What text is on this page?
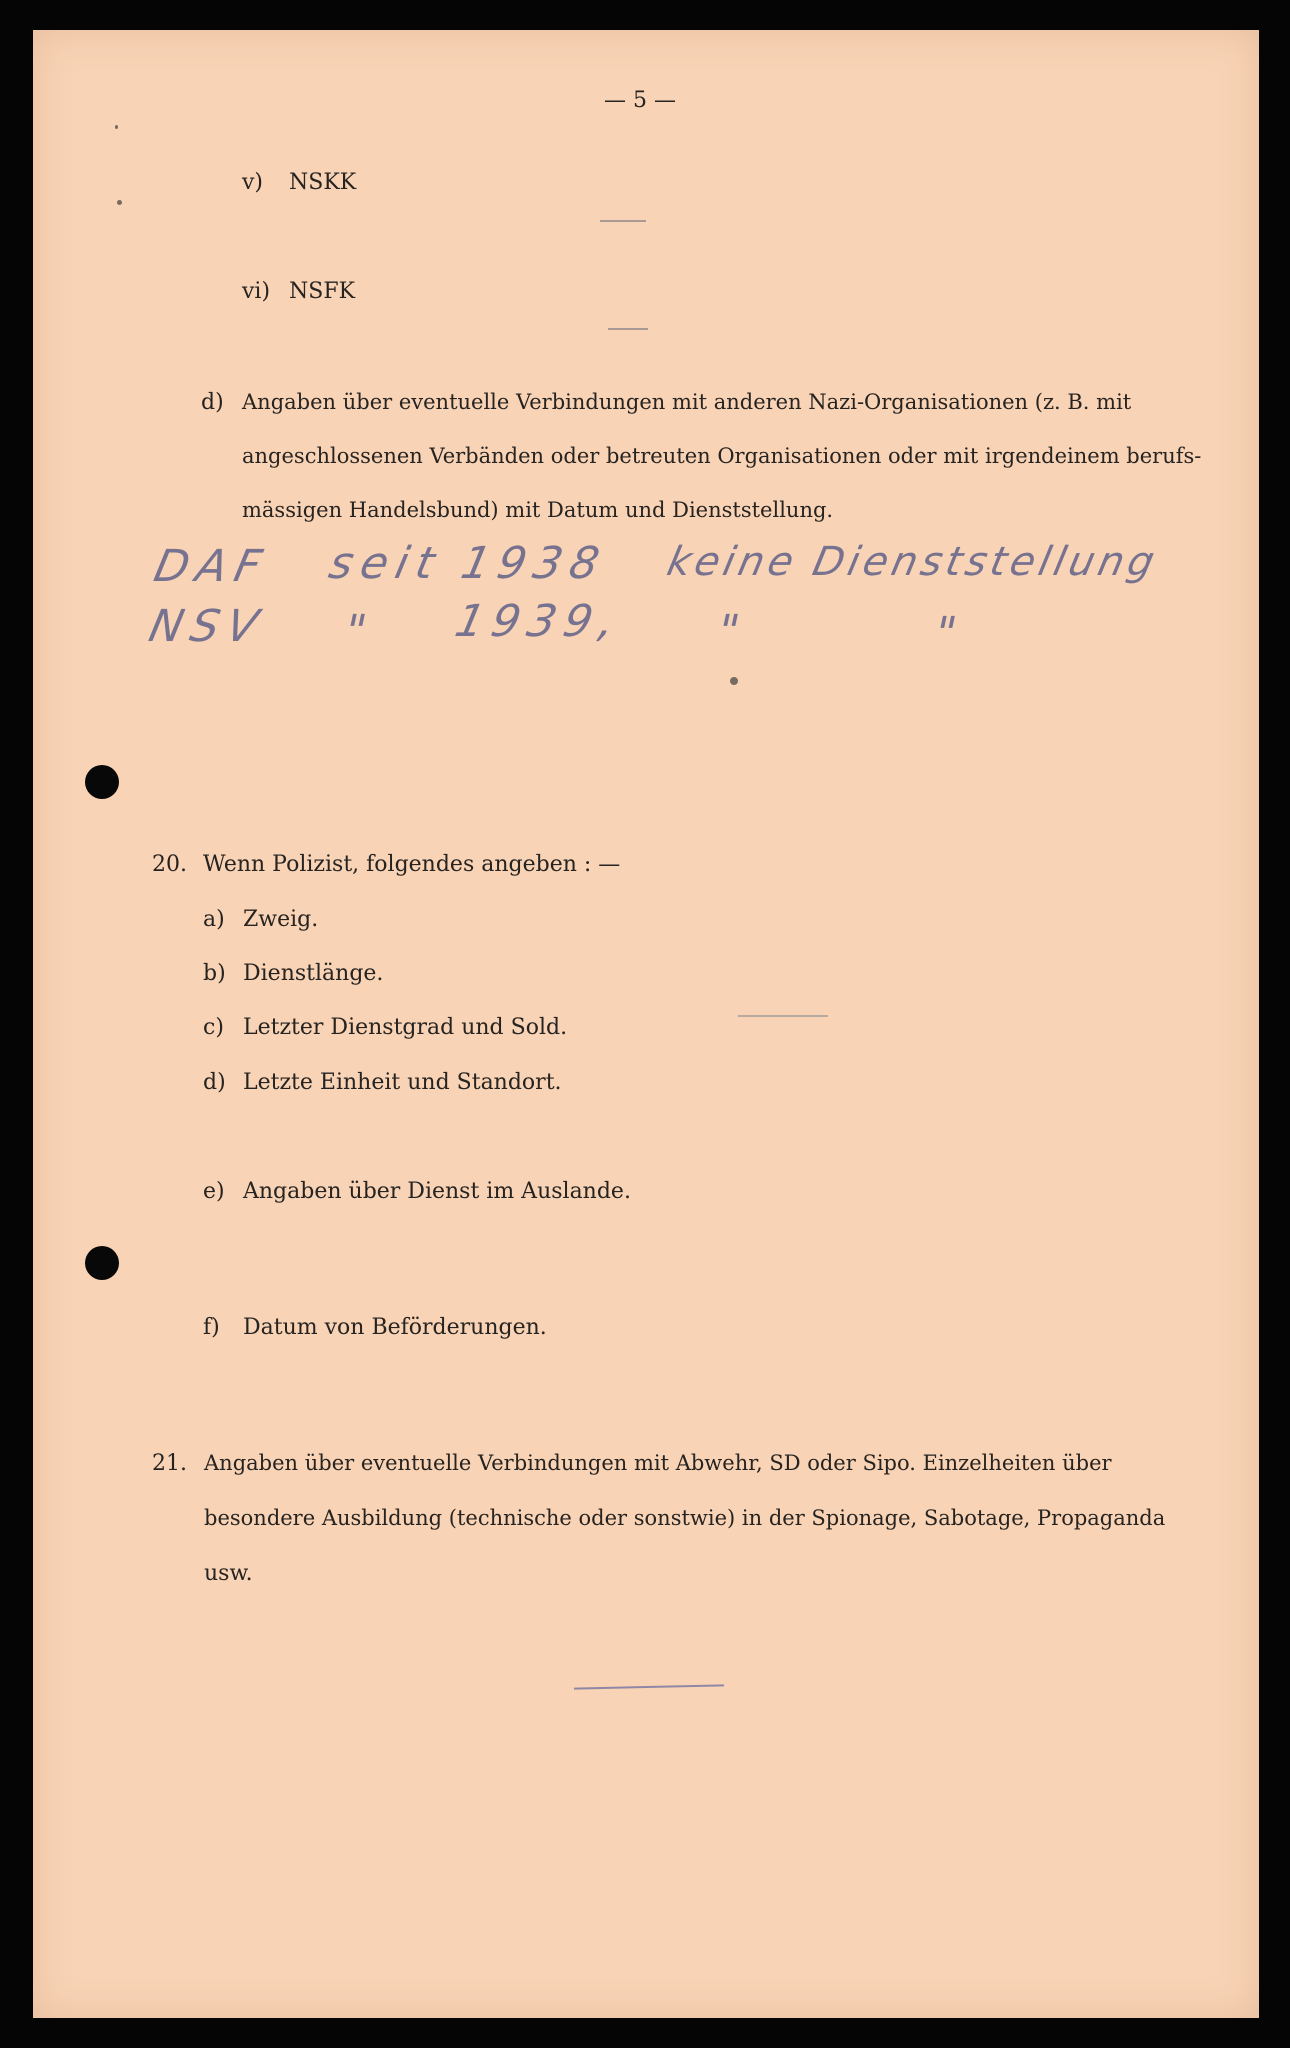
— 5 —
v) NSKK
vi) NSFK
d) Angaben über eventuelle Verbindungen mit anderen Nazi-Organisationen (z. B. mit
angeschlossenen Verbänden oder betreuten Organisationen oder mit irgendeinem berufs-
mässigen Handelsbund) mit Datum und Dienststellung.
DAF seit 1938 keine Dienststellung
NSV " 1939, "	"
20. Wenn Polizist, folgendes angeben : —
a) Zweig.
b) Dienstlänge.
c) Letzter Dienstgrad und Sold.
d) Letzte Einheit und Standort.
e) Angaben über Dienst im Auslande.
f) Datum von Beförderungen.
21. Angaben über eventuelle Verbindungen mit Abwehr, SD oder Sipo. Einzelheiten über
besondere Ausbildung (technische oder sonstwie) in der Spionage, Sabotage, Propaganda
usw.
